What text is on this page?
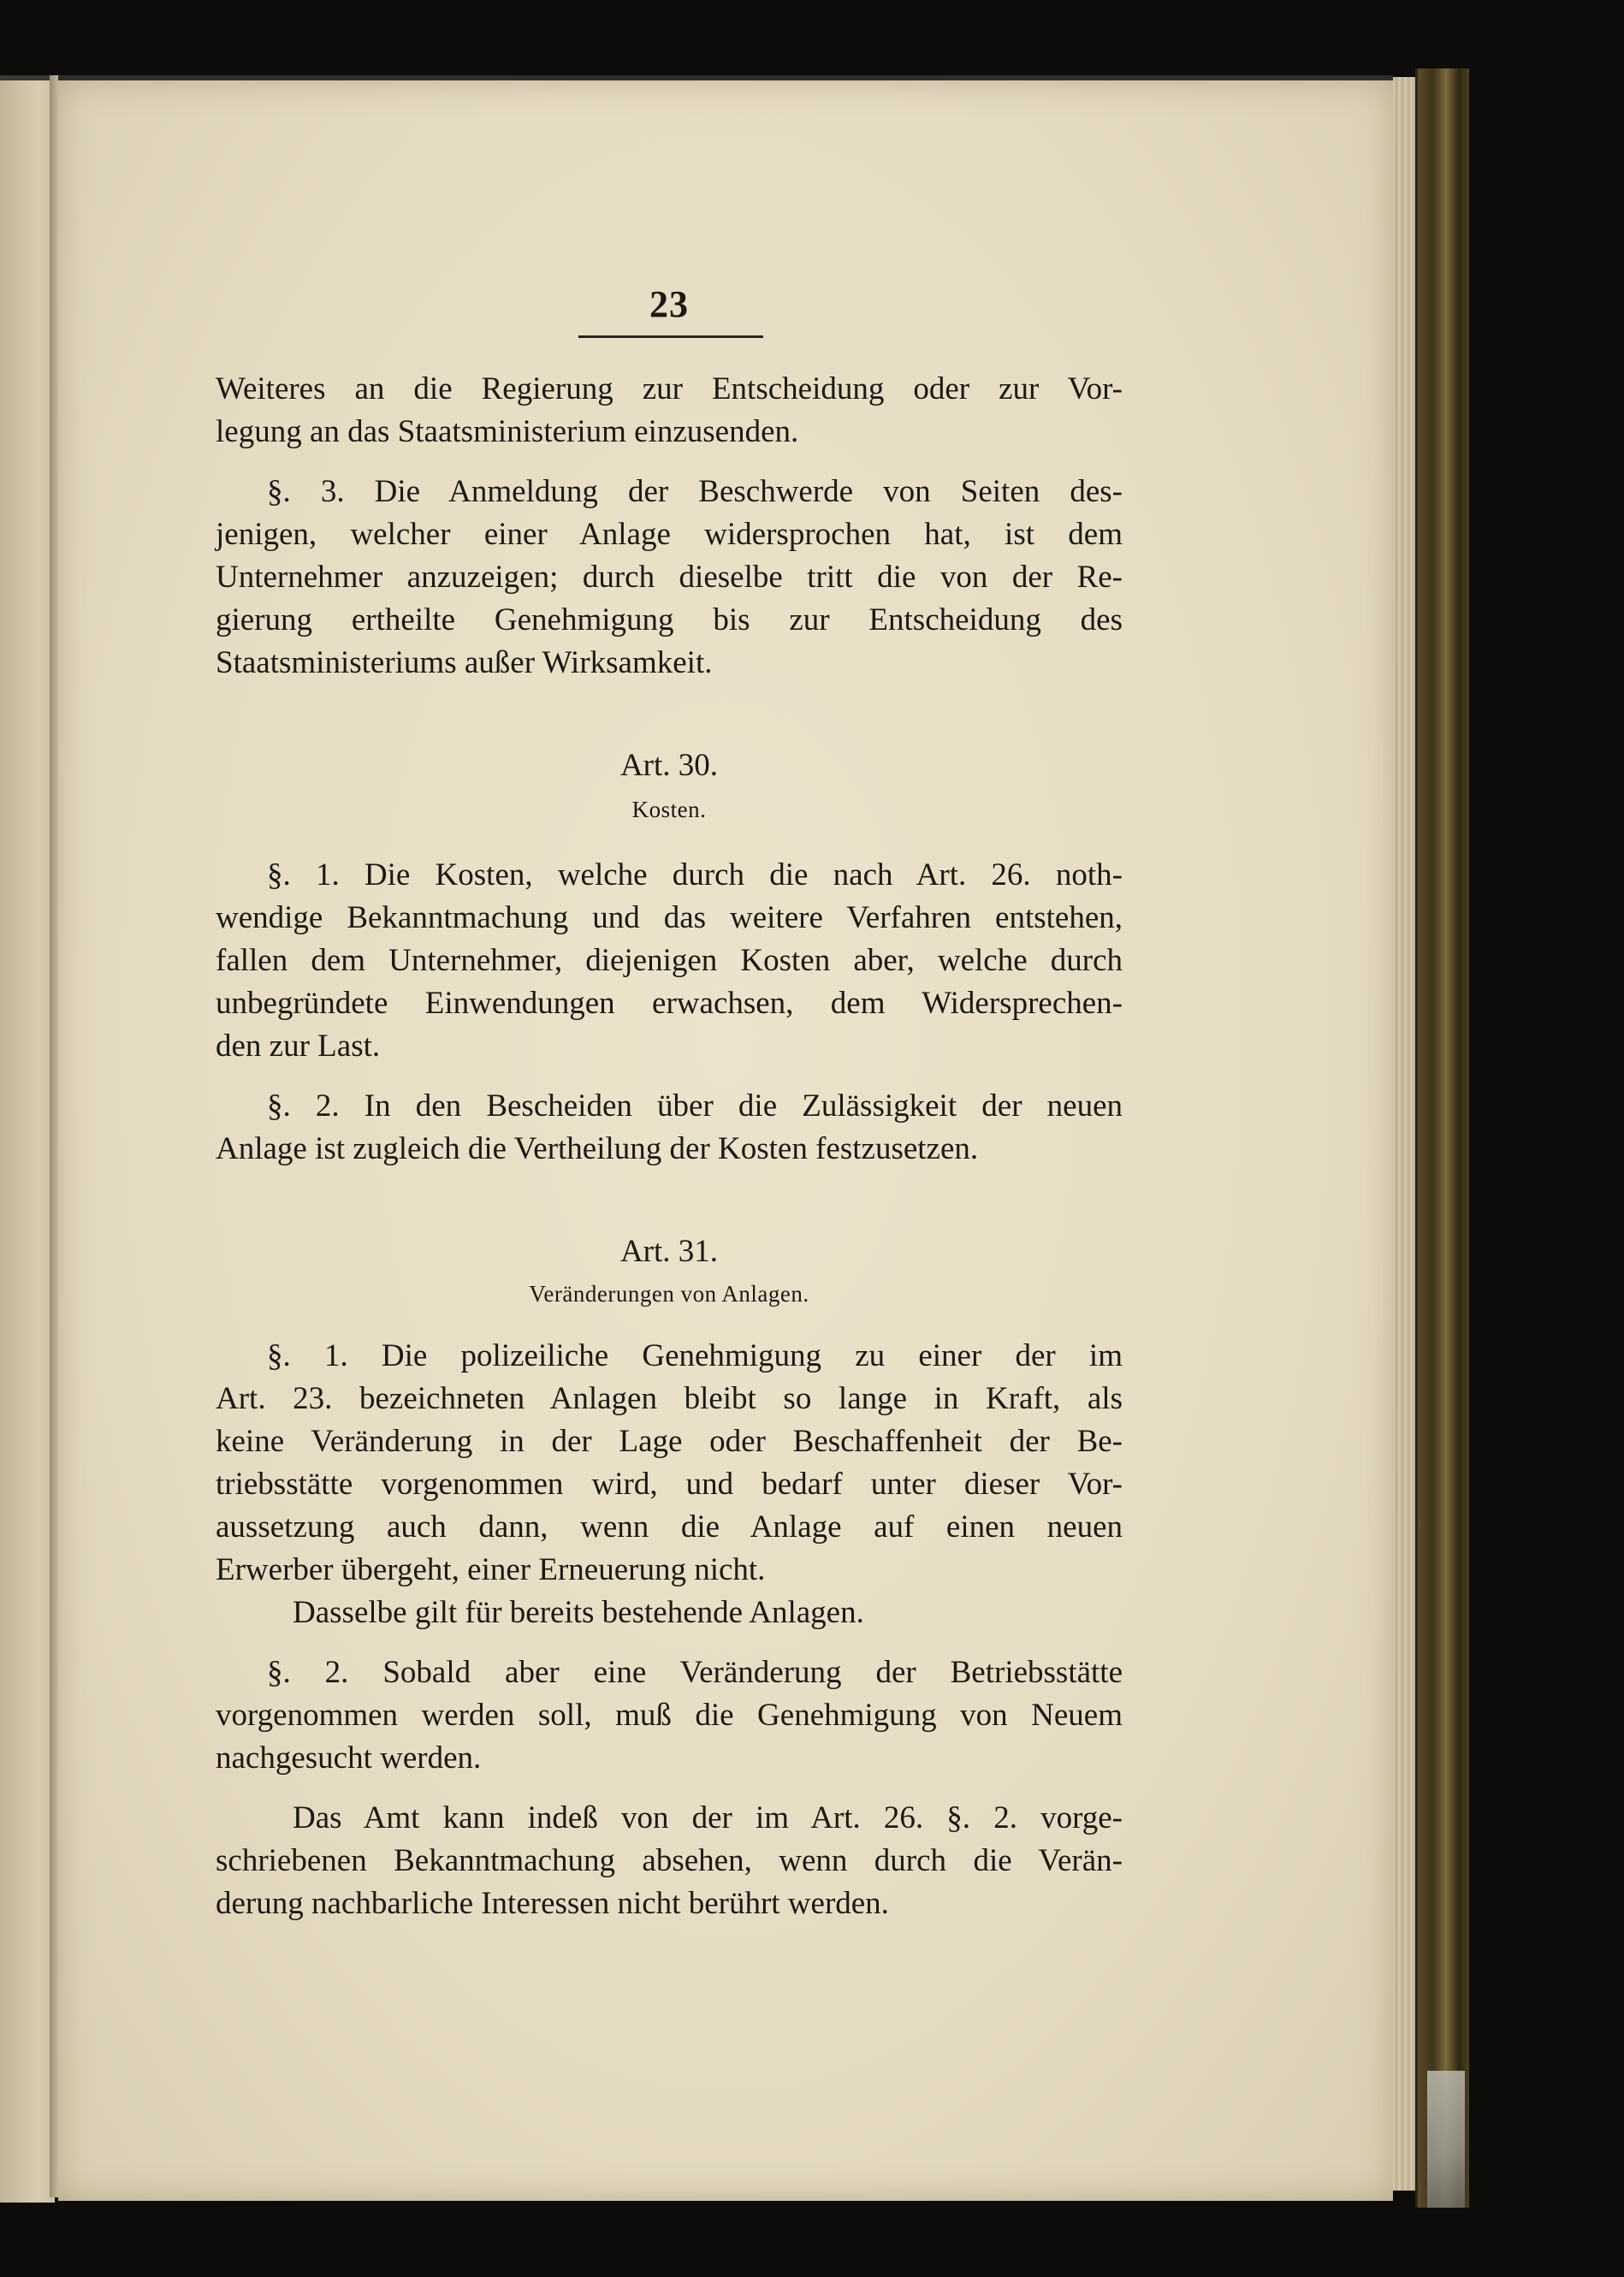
23
Weiteres an die Regierung zur Entscheidung oder zur Vor-
legung an das Staatsministerium einzusenden.
§. 3. Die Anmeldung der Beschwerde von Seiten des-
jenigen, welcher einer Anlage widersprochen hat, ist dem
Unternehmer anzuzeigen; durch dieselbe tritt die von der Re-
gierung ertheilte Genehmigung bis zur Entscheidung des
Staatsministeriums außer Wirksamkeit.
Art. 30.
Kosten.
§. 1. Die Kosten, welche durch die nach Art. 26. noth-
wendige Bekanntmachung und das weitere Verfahren entstehen,
fallen dem Unternehmer, diejenigen Kosten aber, welche durch
unbegründete Einwendungen erwachsen, dem Widersprechen-
den zur Last.
§. 2. In den Bescheiden über die Zulässigkeit der neuen
Anlage ist zugleich die Vertheilung der Kosten festzusetzen.
Art. 31.
Veränderungen von Anlagen.
§. 1. Die polizeiliche Genehmigung zu einer der im
Art. 23. bezeichneten Anlagen bleibt so lange in Kraft, als
keine Veränderung in der Lage oder Beschaffenheit der Be-
triebsstätte vorgenommen wird, und bedarf unter dieser Vor-
aussetzung auch dann, wenn die Anlage auf einen neuen
Erwerber übergeht, einer Erneuerung nicht.
Dasselbe gilt für bereits bestehende Anlagen.
§. 2. Sobald aber eine Veränderung der Betriebsstätte
vorgenommen werden soll, muß die Genehmigung von Neuem
nachgesucht werden.
Das Amt kann indeß von der im Art. 26. §. 2. vorge-
schriebenen Bekanntmachung absehen, wenn durch die Verän-
derung nachbarliche Interessen nicht berührt werden.
